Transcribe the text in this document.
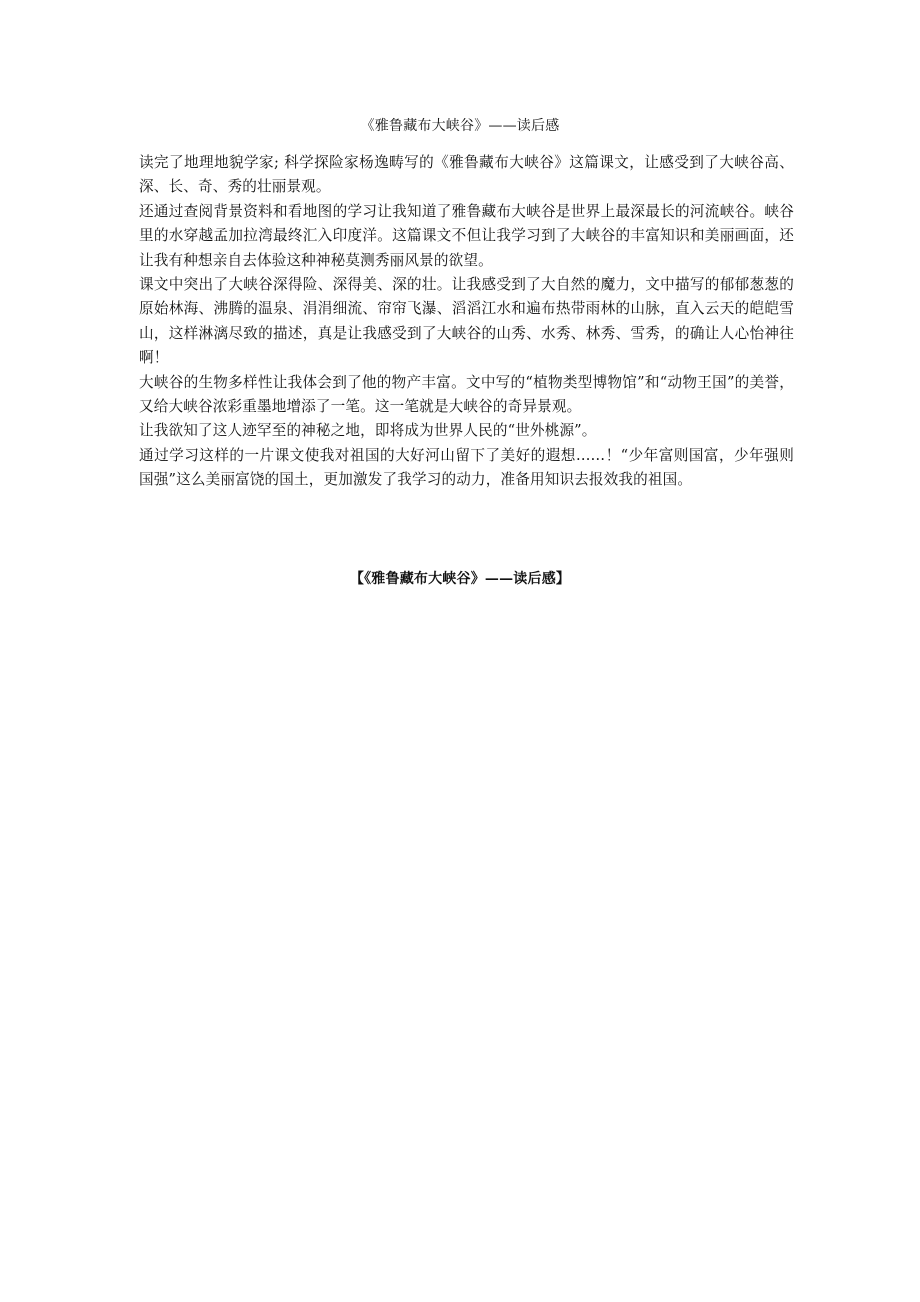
《雅鲁藏布大峡谷》——读后感

读完了地理地貌学家; 科学探险家杨逸畴写的《雅鲁藏布大峡谷》这篇课文，让感受到了大峡谷高、深、长、奇、秀的壮丽景观。

还通过查阅背景资料和看地图的学习让我知道了雅鲁藏布大峡谷是世界上最深最长的河流峡谷。峡谷里的水穿越孟加拉湾最终汇入印度洋。这篇课文不但让我学习到了大峡谷的丰富知识和美丽画面，还让我有种想亲自去体验这种神秘莫测秀丽风景的欲望。

课文中突出了大峡谷深得险、深得美、深的壮。让我感受到了大自然的魔力，文中描写的郁郁葱葱的原始林海、沸腾的温泉、涓涓细流、帘帘飞瀑、滔滔江水和遍布热带雨林的山脉，直入云天的皑皑雪山，这样淋漓尽致的描述，真是让我感受到了大峡谷的山秀、水秀、林秀、雪秀，的确让人心怡神往啊！

大峡谷的生物多样性让我体会到了他的物产丰富。文中写的“植物类型博物馆”和“动物王国”的美誉，又给大峡谷浓彩重墨地增添了一笔。这一笔就是大峡谷的奇异景观。

让我欲知了这人迹罕至的神秘之地，即将成为世界人民的“世外桃源”。

通过学习这样的一片课文使我对祖国的大好河山留下了美好的遐想……！“少年富则国富，少年强则国强”这么美丽富饶的国土，更加激发了我学习的动力，准备用知识去报效我的祖国。

【《雅鲁藏布大峡谷》——读后感】
